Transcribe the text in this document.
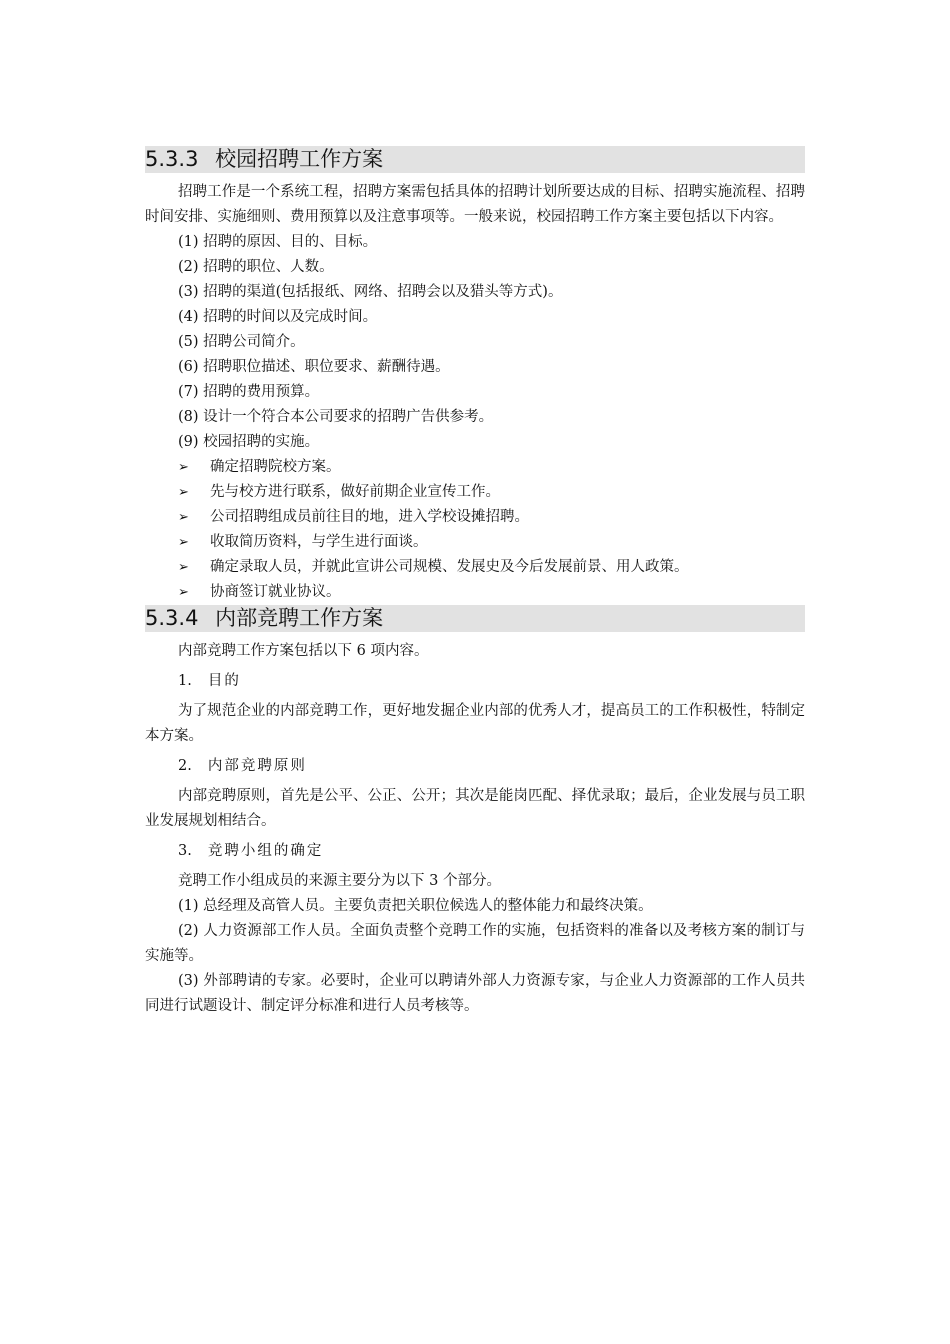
5.3.3 校园招聘工作方案

招聘工作是一个系统工程，招聘方案需包括具体的招聘计划所要达成的目标、招聘实施流程、招聘时间安排、实施细则、费用预算以及注意事项等。一般来说，校园招聘工作方案主要包括以下内容。

(1) 招聘的原因、目的、目标。
(2) 招聘的职位、人数。
(3) 招聘的渠道(包括报纸、网络、招聘会以及猎头等方式)。
(4) 招聘的时间以及完成时间。
(5) 招聘公司简介。
(6) 招聘职位描述、职位要求、薪酬待遇。
(7) 招聘的费用预算。
(8) 设计一个符合本公司要求的招聘广告供参考。
(9) 校园招聘的实施。
➢	确定招聘院校方案。
➢	先与校方进行联系，做好前期企业宣传工作。
➢	公司招聘组成员前往目的地，进入学校设摊招聘。
➢	收取简历资料，与学生进行面谈。
➢	确定录取人员，并就此宣讲公司规模、发展史及今后发展前景、用人政策。
➢	协商签订就业协议。
5.3.4 内部竞聘工作方案

内部竞聘工作方案包括以下 6 项内容。

1. 目的

为了规范企业的内部竞聘工作，更好地发掘企业内部的优秀人才，提高员工的工作积极性，特制定本方案。

2. 内部竞聘原则

内部竞聘原则，首先是公平、公正、公开；其次是能岗匹配、择优录取；最后，企业发展与员工职业发展规划相结合。

3. 竞聘小组的确定

竞聘工作小组成员的来源主要分为以下 3 个部分。

(1) 总经理及高管人员。主要负责把关职位候选人的整体能力和最终决策。

(2) 人力资源部工作人员。全面负责整个竞聘工作的实施，包括资料的准备以及考核方案的制订与实施等。

(3) 外部聘请的专家。必要时，企业可以聘请外部人力资源专家，与企业人力资源部的工作人员共同进行试题设计、制定评分标准和进行人员考核等。
